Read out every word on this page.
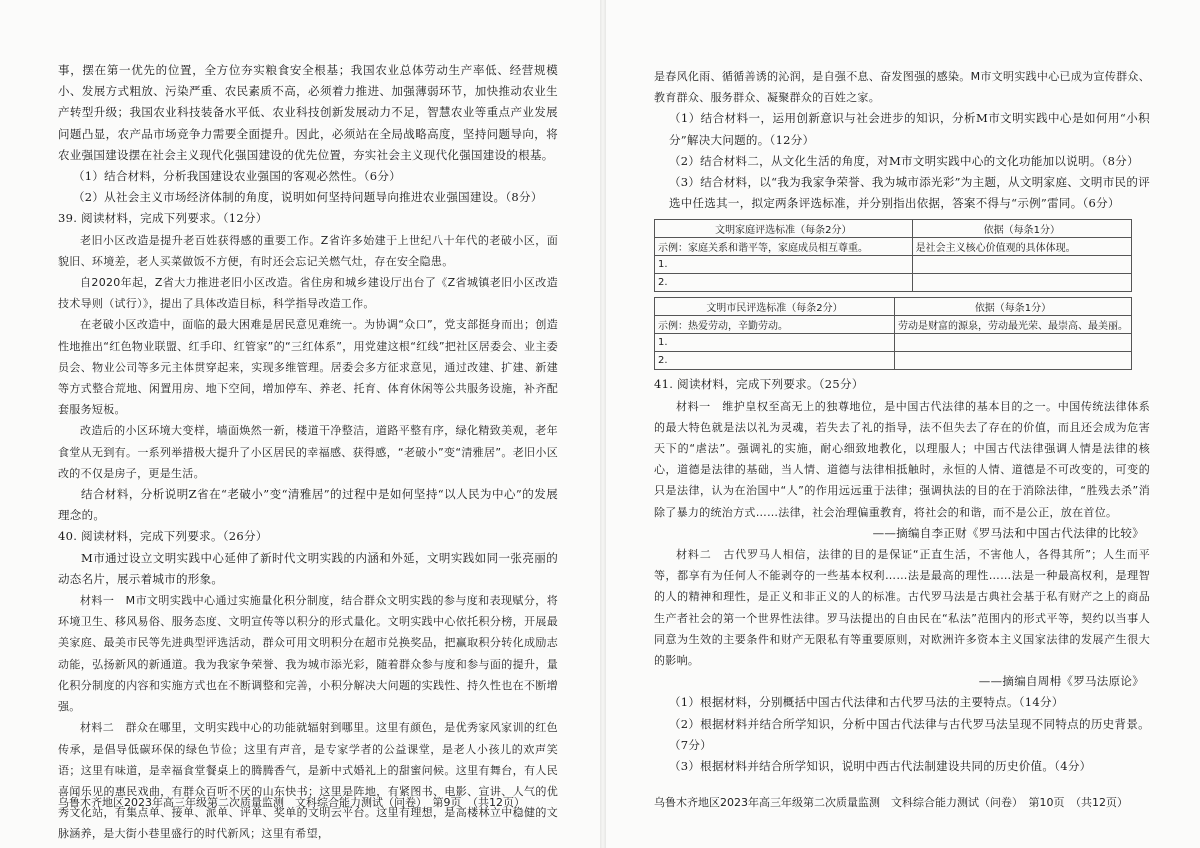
事，摆在第一优先的位置，全方位夯实粮食安全根基；我国农业总体劳动生产率低、经营规模小、发展方式粗放、污染严重、农民素质不高，必须着力推进、加强薄弱环节，加快推动农业生产转型升级；我国农业科技装备水平低、农业科技创新发展动力不足，智慧农业等重点产业发展问题凸显，农产品市场竞争力需要全面提升。因此，必须站在全局战略高度，坚持问题导向，将农业强国建设摆在社会主义现代化强国建设的优先位置，夯实社会主义现代化强国建设的根基。

（1）结合材料，分析我国建设农业强国的客观必然性。（6分）

（2）从社会主义市场经济体制的角度，说明如何坚持问题导向推进农业强国建设。（8分）

39. 阅读材料，完成下列要求。（12分）

老旧小区改造是提升老百姓获得感的重要工作。Z省许多始建于上世纪八十年代的老破小区，面貌旧、环境差，老人买菜做饭不方便，有时还会忘记关燃气灶，存在安全隐患。

自2020年起，Z省大力推进老旧小区改造。省住房和城乡建设厅出台了《Z省城镇老旧小区改造技术导则（试行）》，提出了具体改造目标，科学指导改造工作。

在老破小区改造中，面临的最大困难是居民意见难统一。为协调“众口”，党支部挺身而出；创造性地推出“红色物业联盟、红手印、红管家”的“三红体系”，用党建这根“红线”把社区居委会、业主委员会、物业公司等多元主体贯穿起来，实现多维管理。居委会多方征求意见，通过改建、扩建、新建等方式整合荒地、闲置用房、地下空间，增加停车、养老、托育、体育休闲等公共服务设施，补齐配套服务短板。

改造后的小区环境大变样，墙面焕然一新，楼道干净整洁，道路平整有序，绿化精致美观，老年食堂从无到有。一系列举措极大提升了小区居民的幸福感、获得感，“老破小”变“清雅居”。老旧小区改的不仅是房子，更是生活。

结合材料，分析说明Z省在“老破小”变“清雅居”的过程中是如何坚持“以人民为中心”的发展理念的。

40. 阅读材料，完成下列要求。（26分）

M市通过设立文明实践中心延伸了新时代文明实践的内涵和外延，文明实践如同一张亮丽的动态名片，展示着城市的形象。

材料一　M市文明实践中心通过实施量化积分制度，结合群众文明实践的参与度和表现赋分，将环境卫生、移风易俗、服务态度、文明宣传等以积分的形式量化。文明实践中心依托积分榜，开展最美家庭、最美市民等先进典型评选活动，群众可用文明积分在超市兑换奖品，把赢取积分转化成励志动能，弘扬新风的新通道。我为我家争荣誉、我为城市添光彩，随着群众参与度和参与面的提升，量化积分制度的内容和实施方式也在不断调整和完善，小积分解决大问题的实践性、持久性也在不断增强。

材料二　群众在哪里，文明实践中心的功能就辐射到哪里。这里有颜色，是优秀家风家训的红色传承，是倡导低碳环保的绿色节俭；这里有声音，是专家学者的公益课堂，是老人小孩儿的欢声笑语；这里有味道，是幸福食堂餐桌上的腾腾香气，是新中式婚礼上的甜蜜问候。这里有舞台，有人民喜闻乐见的惠民戏曲，有群众百听不厌的山东快书；这里是阵地，有紧图书、电影、宣讲、人气的优秀文化站，有集点单、接单、派单、评单、奖单的文明云平台。这里有理想，是高楼林立中稳健的文脉涵养，是大街小巷里盛行的时代新风；这里有希望，

乌鲁木齐地区2023年高三年级第二次质量监测　文科综合能力测试（问卷）　第9页　（共12页）

是春风化雨、循循善诱的沁润，是自强不息、奋发图强的感染。M市文明实践中心已成为宣传群众、教育群众、服务群众、凝聚群众的百姓之家。

（1）结合材料一，运用创新意识与社会进步的知识，分析M市文明实践中心是如何用“小积分”解决大问题的。（12分）

（2）结合材料二，从文化生活的角度，对M市文明实践中心的文化功能加以说明。（8分）

（3）结合材料，以“我为我家争荣誉、我为城市添光彩”为主题，从文明家庭、文明市民的评选中任选其一，拟定两条评选标准，并分别指出依据，答案不得与“示例”雷同。（6分）

文明家庭评选标准（每条2分）	依据（每条1分）
示例：家庭关系和谐平等，家庭成员相互尊重。	是社会主义核心价值观的具体体现。
1.	
2.	
文明市民评选标准（每条2分）	依据（每条1分）
示例：热爱劳动，辛勤劳动。	劳动是财富的源泉，劳动最光荣、最崇高、最美丽。
1.	
2.	

41. 阅读材料，完成下列要求。（25分）

材料一　维护皇权至高无上的独尊地位，是中国古代法律的基本目的之一。中国传统法律体系的最大特色就是法以礼为灵魂，若失去了礼的指导，法不但失去了存在的价值，而且还会成为危害天下的“虐法”。强调礼的实施，耐心细致地教化，以理服人；中国古代法律强调人情是法律的核心，道德是法律的基础，当人情、道德与法律相抵触时，永恒的人情、道德是不可改变的，可变的只是法律，认为在治国中“人”的作用远远重于法律；强调执法的目的在于消除法律，“胜残去杀”消除了暴力的统治方式……法律，社会治理偏重教育，将社会的和谐，而不是公正，放在首位。

——摘编自李正财《罗马法和中国古代法律的比较》

材料二　古代罗马人相信，法律的目的是保证“正直生活，不害他人，各得其所”；人生而平等，都享有为任何人不能剥夺的一些基本权利……法是最高的理性……法是一种最高权利，是理智的人的精神和理性，是正义和非正义的人的标准。古代罗马法是古典社会基于私有财产之上的商品生产者社会的第一个世界性法律。罗马法提出的自由民在“私法”范围内的形式平等，契约以当事人同意为生效的主要条件和财产无限私有等重要原则，对欧洲许多资本主义国家法律的发展产生很大的影响。

——摘编自周枏《罗马法原论》

（1）根据材料，分别概括中国古代法律和古代罗马法的主要特点。（14分）

（2）根据材料并结合所学知识，分析中国古代法律与古代罗马法呈现不同特点的历史背景。（7分）

（3）根据材料并结合所学知识，说明中西古代法制建设共同的历史价值。（4分）

乌鲁木齐地区2023年高三年级第二次质量监测　文科综合能力测试（问卷）　第10页　（共12页）
